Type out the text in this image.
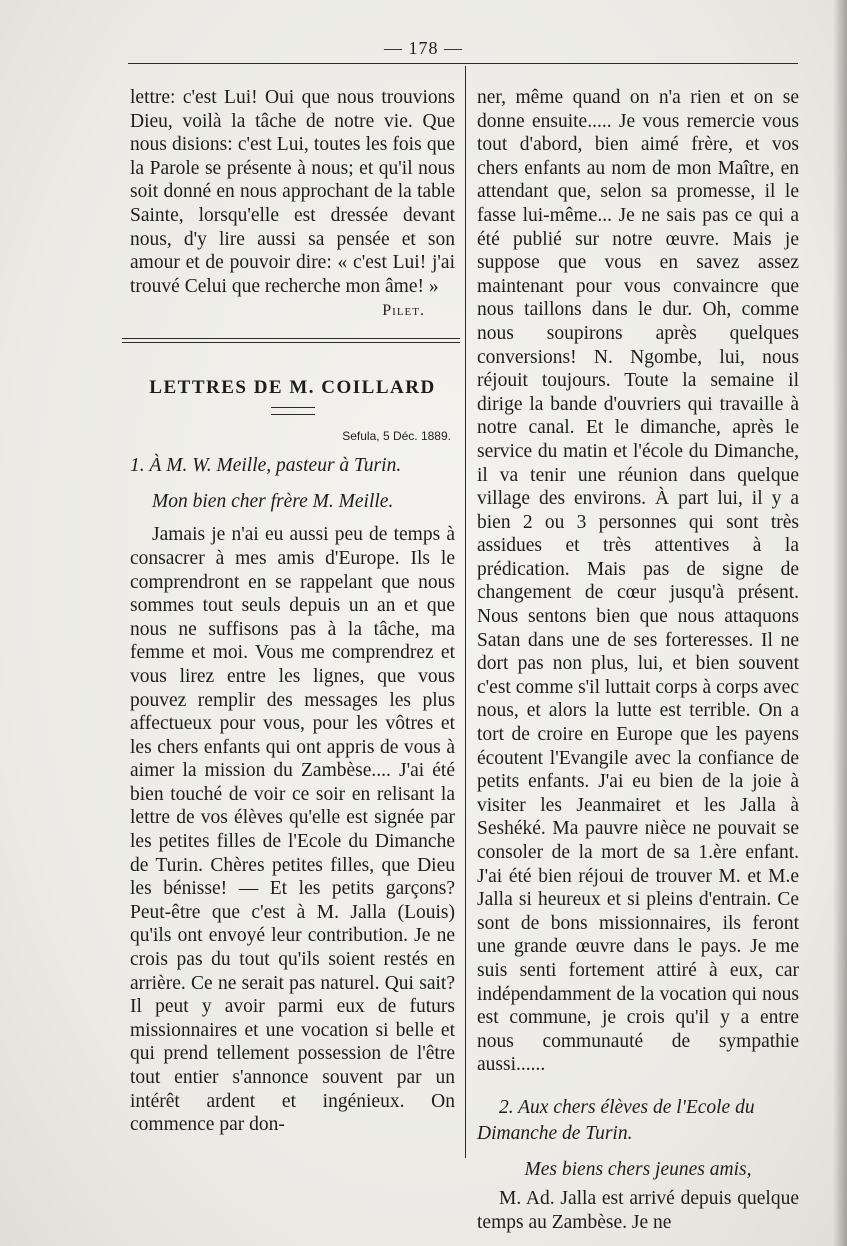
— 178 —

lettre: c'est Lui! Oui que nous trouvions Dieu, voilà la tâche de notre vie. Que nous disions: c'est Lui, toutes les fois que la Parole se présente à nous; et qu'il nous soit donné en nous approchant de la table Sainte, lorsqu'elle est dressée devant nous, d'y lire aussi sa pensée et son amour et de pouvoir dire: « c'est Lui! j'ai trouvé Celui que recherche mon âme! »

Pilet.
LETTRES DE M. COILLARD
Sefula, 5 Déc. 1889.
1. À M. W. Meille, pasteur à Turin.
Mon bien cher frère M. Meille.

Jamais je n'ai eu aussi peu de temps à consacrer à mes amis d'Europe. Ils le comprendront en se rappelant que nous sommes tout seuls depuis un an et que nous ne suffisons pas à la tâche, ma femme et moi. Vous me comprendrez et vous lirez entre les lignes, que vous pouvez remplir des messages les plus affectueux pour vous, pour les vôtres et les chers enfants qui ont appris de vous à aimer la mission du Zambèse.... J'ai été bien touché de voir ce soir en relisant la lettre de vos élèves qu'elle est signée par les petites filles de l'Ecole du Dimanche de Turin. Chères petites filles, que Dieu les bénisse! — Et les petits garçons? Peut-être que c'est à M. Jalla (Louis) qu'ils ont envoyé leur contribution. Je ne crois pas du tout qu'ils soient restés en arrière. Ce ne serait pas naturel. Qui sait? Il peut y avoir parmi eux de futurs missionnaires et une vocation si belle et qui prend tellement possession de l'être tout entier s'annonce souvent par un intérêt ardent et ingénieux. On commence par don-

ner, même quand on n'a rien et on se donne ensuite..... Je vous remercie vous tout d'abord, bien aimé frère, et vos chers enfants au nom de mon Maître, en attendant que, selon sa promesse, il le fasse lui-même... Je ne sais pas ce qui a été publié sur notre œuvre. Mais je suppose que vous en savez assez maintenant pour vous convaincre que nous taillons dans le dur. Oh, comme nous soupirons après quelques conversions! N. Ngombe, lui, nous réjouit toujours. Toute la semaine il dirige la bande d'ouvriers qui travaille à notre canal. Et le dimanche, après le service du matin et l'école du Dimanche, il va tenir une réunion dans quelque village des environs. À part lui, il y a bien 2 ou 3 personnes qui sont très assidues et très attentives à la prédication. Mais pas de signe de changement de cœur jusqu'à présent. Nous sentons bien que nous attaquons Satan dans une de ses forteresses. Il ne dort pas non plus, lui, et bien souvent c'est comme s'il luttait corps à corps avec nous, et alors la lutte est terrible. On a tort de croire en Europe que les payens écoutent l'Evangile avec la confiance de petits enfants. J'ai eu bien de la joie à visiter les Jeanmairet et les Jalla à Seshéké. Ma pauvre nièce ne pouvait se consoler de la mort de sa 1.ère enfant. J'ai été bien réjoui de trouver M. et M.e Jalla si heureux et si pleins d'entrain. Ce sont de bons missionnaires, ils feront une grande œuvre dans le pays. Je me suis senti fortement attiré à eux, car indépendamment de la vocation qui nous est commune, je crois qu'il y a entre nous communauté de sympathie aussi......

2. Aux chers élèves de l'Ecole du Dimanche de Turin.
Mes biens chers jeunes amis,

M. Ad. Jalla est arrivé depuis quelque temps au Zambèse. Je ne
